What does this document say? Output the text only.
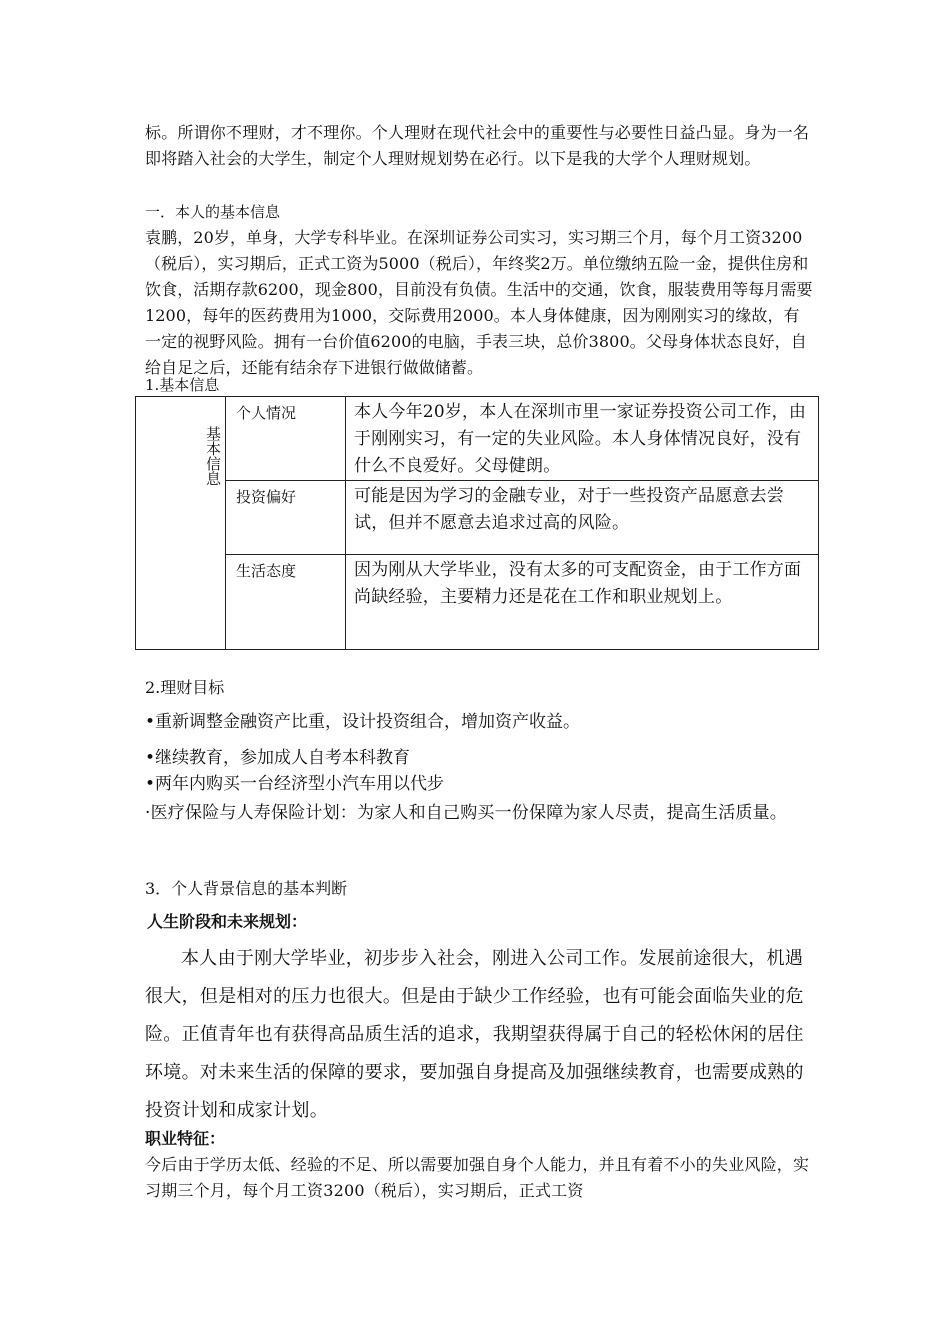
标。所谓你不理财，才不理你。个人理财在现代社会中的重要性与必要性日益凸显。身为一名即将踏入社会的大学生，制定个人理财规划势在必行。以下是我的大学个人理财规划。

一．本人的基本信息

袁鹏，20岁，单身，大学专科毕业。在深圳证券公司实习，实习期三个月，每个月工资3200（税后），实习期后，正式工资为5000（税后），年终奖2万。单位缴纳五险一金，提供住房和饮食，活期存款6200，现金800，目前没有负债。生活中的交通，饮食，服装费用等每月需要1200，每年的医药费用为1000，交际费用2000。本人身体健康，因为刚刚实习的缘故，有一定的视野风险。拥有一台价值6200的电脑，手表三块，总价3800。父母身体状态良好，自给自足之后，还能有结余存下进银行做做储蓄。

1.基本信息

基本信息	个人情况	本人今年20岁，本人在深圳市里一家证券投资公司工作，由于刚刚实习，有一定的失业风险。本人身体情况良好，没有什么不良爱好。父母健朗。

	投资偏好	可能是因为学习的金融专业，对于一些投资产品愿意去尝试，但并不愿意去追求过高的风险。

	生活态度	因为刚从大学毕业，没有太多的可支配资金，由于工作方面尚缺经验，主要精力还是花在工作和职业规划上。

2.理财目标

•重新调整金融资产比重，设计投资组合，增加资产收益。

•继续教育，参加成人自考本科教育

•两年内购买一台经济型小汽车用以代步

·医疗保险与人寿保险计划：为家人和自己购买一份保障为家人尽责，提高生活质量。

3．个人背景信息的基本判断

人生阶段和未来规划：

本人由于刚大学毕业，初步步入社会，刚进入公司工作。发展前途很大，机遇很大，但是相对的压力也很大。但是由于缺少工作经验，也有可能会面临失业的危险。正值青年也有获得高品质生活的追求，我期望获得属于自己的轻松休闲的居住环境。对未来生活的保障的要求，要加强自身提高及加强继续教育，也需要成熟的投资计划和成家计划。

职业特征：

今后由于学历太低、经验的不足、所以需要加强自身个人能力，并且有着不小的失业风险，实习期三个月，每个月工资3200（税后），实习期后，正式工资
